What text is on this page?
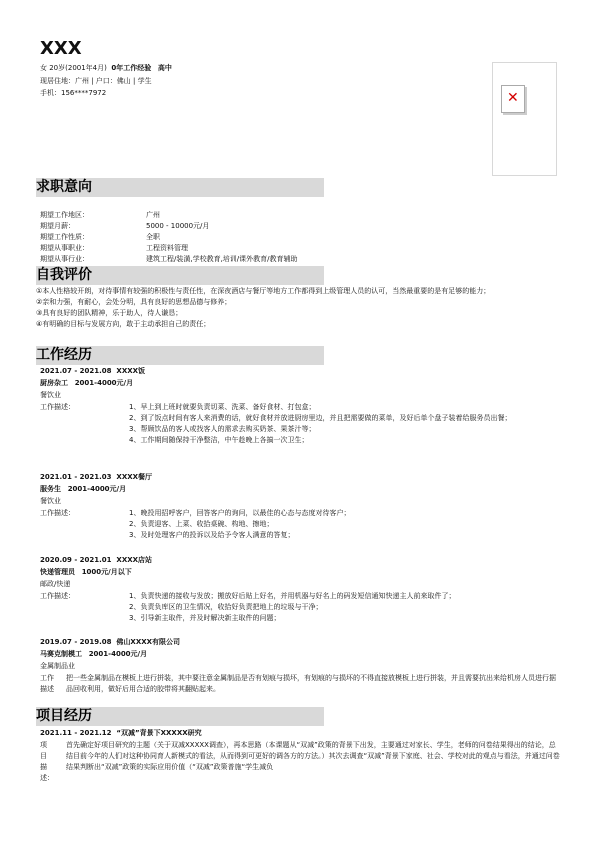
XXX
女 20岁(2001年4月) 0年工作经验 高中
现居住地：广州 | 户口：佛山 | 学生
手机：156****7972	✕
求职意向
期望工作地区：	广州
期望月薪：	5000 - 10000元/月
期望工作性质：	全职
期望从事职业：	工程资料管理
期望从事行业：	建筑工程/装潢,学校教育,培训/课外教育/教育辅助
自我评价
①本人性格较开朗，对待事情有较强的积极性与责任性，在深夜酒店与餐厅等地方工作都得到上级管理人员的认可，当然最重要的是有足够的能力；
②亲和力强，有耐心，会处分明，具有良好的思想品德与修养；
③具有良好的团队精神，乐于助人，待人谦恳；
④有明确的目标与发展方向，敢于主动承担自己的责任；
工作经历
2021.07 - 2021.08 XXXX饭
厨房杂工 2001-4000元/月
餐饮业
工作描述：	1、早上到上班时就要负责切菜、洗菜、备好食材、打包盒；
2、到了饭点时间有客人来消费的话，就好食材并放进厨房里边，并且把需要做的菜单，及好后单个盘子装着给服务员出餐；
3、帮顾饮品的客人或找客人的需求去购买奶茶、果茶汁等；
4、工作期间随保持干净整洁，中午趁晚上各搞一次卫生；
2021.01 - 2021.03 XXXX餐厅
服务生 2001-4000元/月
餐饮业
工作描述：	1、晚投用招呼客户，回答客户的询问，以最佳的心态与态度对待客户；
2、负责迎客、上菜、收拾桌碗、构地、擦地；
3、及时处理客户的投诉以及给予令客人满意的答复；
2020.09 - 2021.01 XXXX店站
快递管理员 1000元/月以下
邮政/快递
工作描述：	1、负责快递的接收与发放；搬放好后贴上好名，并用机器与好名上的码发短信通知快递主人前来取件了；
2、负责负库区的卫生情况，收拾好负责把地上的垃圾与干净；
3、引导新主取件，并及时解决新主取件的问题；
2019.07 - 2019.08 佛山XXXX有限公司
马赛克制模工 2001-4000元/月
金属制品业
工作描述
把一些金属制品在模板上进行拼装，其中要注意金属制品是否有划痕与损坏，有划痕的与损坏的不得直接放模板上进行拼装，并且需要抗出来给机房人员进行据品回收利用，做好后用合适的胶带将其翻贴起来。
项目经历
2021.11 - 2021.12 “双减”背景下XXXXX研究
项目描述：
首先确定好项目研究的主题（关于双减XXXXX调查），再本思路（本课题从“双减”政策的背景下出发，主要通过对家长、学生，老师的问卷结果得出的结论，总结目前今年的人们对这种协同育人新模式的看法，从而得到可更好的调各方的方法。）其次去调查“双减”背景下家庭、社会、学校对此的观点与看法，并通过问卷结果判断出“双减”政策的实际应用价值（“双减”政策普施“学生减负
